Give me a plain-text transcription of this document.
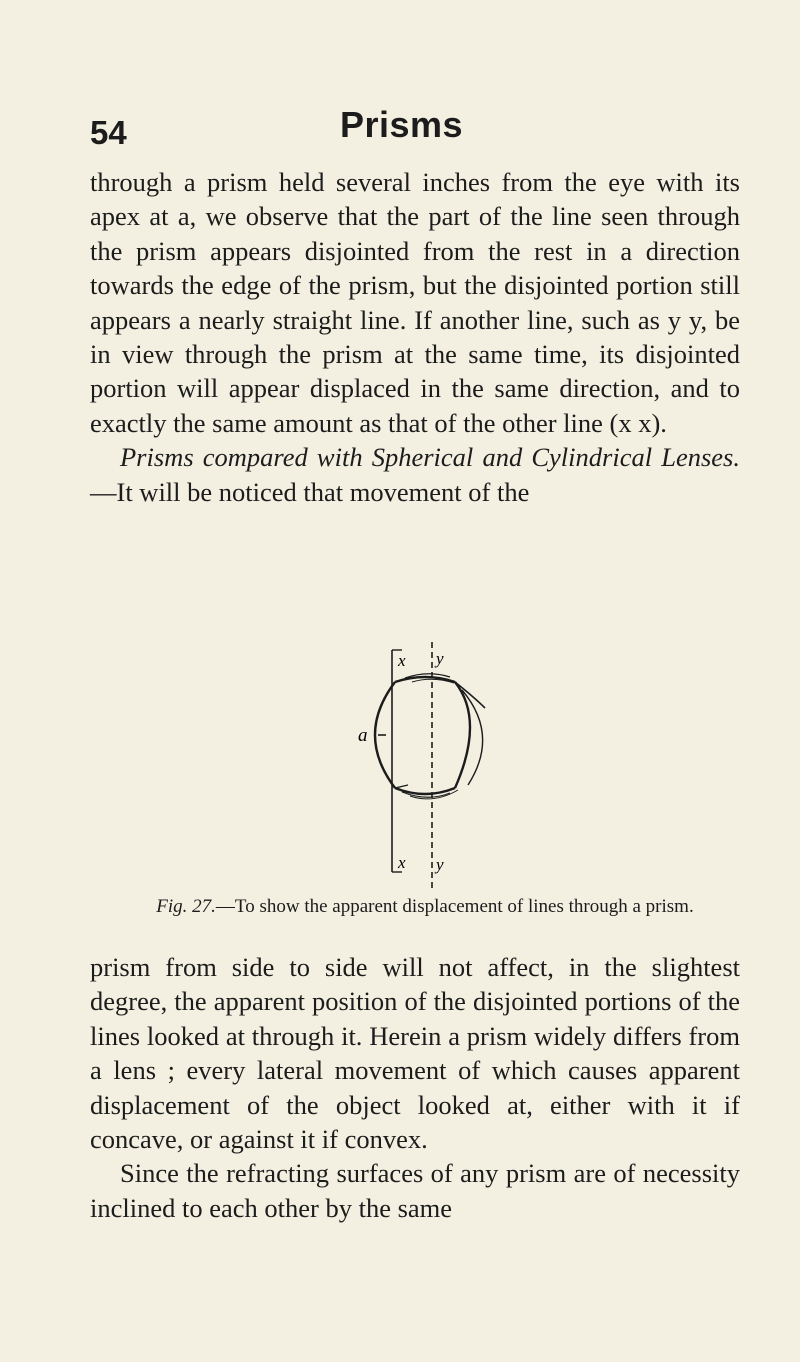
54	Prisms

through a prism held several inches from the eye with its apex at a, we observe that the part of the line seen through the prism appears disjointed from the rest in a direction towards the edge of the prism, but the disjointed portion still appears a nearly straight line. If another line, such as y y, be in view through the prism at the same time, its disjointed portion will appear displaced in the same direction, and to exactly the same amount as that of the other line (x x).

Prisms compared with Spherical and Cylindrical Lenses.—It will be noticed that movement of the

x y
a
x y
Fig. 27.—To show the apparent displacement of lines through a prism.

prism from side to side will not affect, in the slightest degree, the apparent position of the disjointed portions of the lines looked at through it. Herein a prism widely differs from a lens ; every lateral movement of which causes apparent displacement of the object looked at, either with it if concave, or against it if convex.

Since the refracting surfaces of any prism are of necessity inclined to each other by the same
